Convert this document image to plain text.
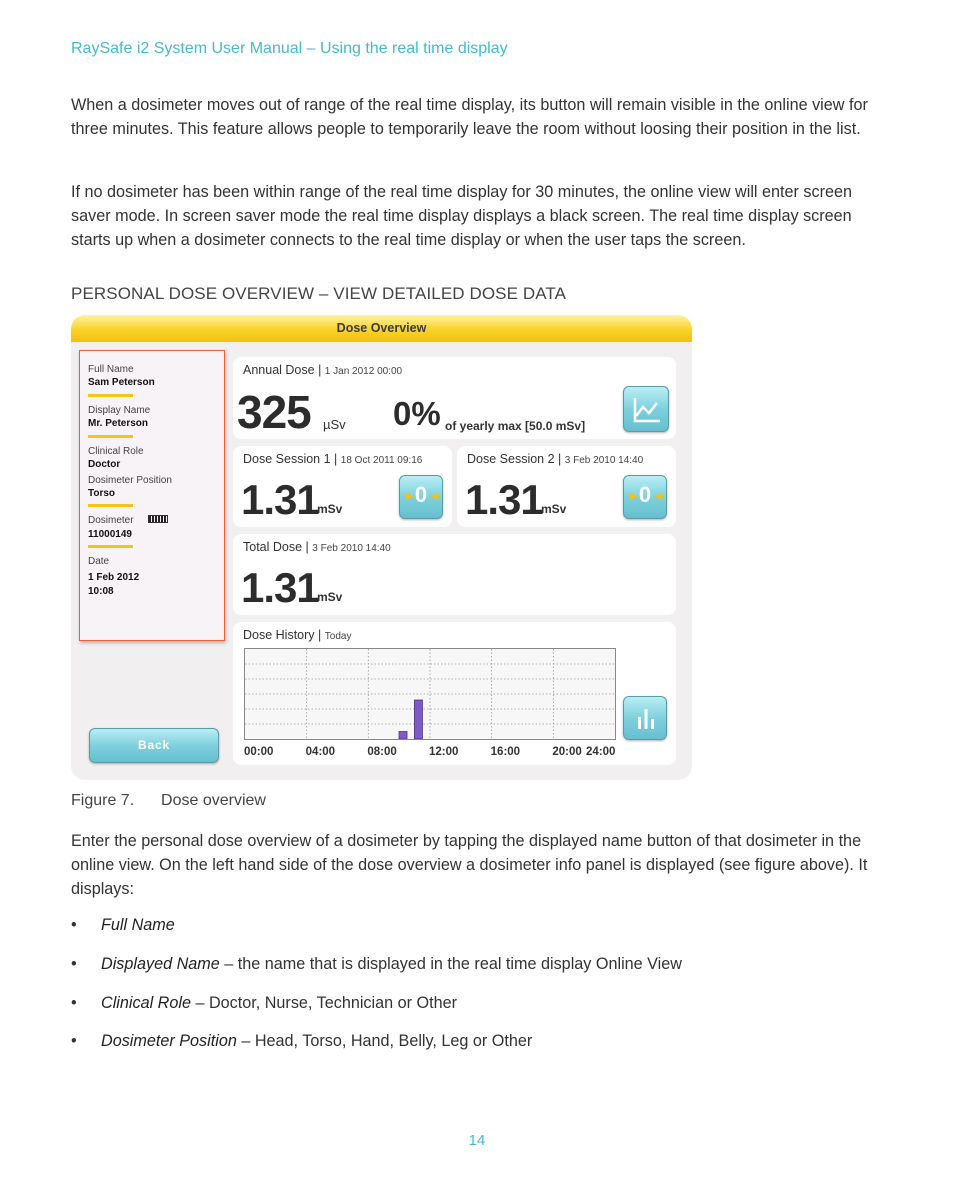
RaySafe i2 System User Manual – Using the real time display

When a dosimeter moves out of range of the real time display, its button will remain visible in the online view for three minutes. This feature allows people to temporarily leave the room without loosing their position in the list.

If no dosimeter has been within range of the real time display for 30 minutes, the online view will enter screen saver mode. In screen saver mode the real time display displays a black screen. The real time display screen starts up when a dosimeter connects to the real time display or when the user taps the screen.

PERSONAL DOSE OVERVIEW – VIEW DETAILED DOSE DATA
Dose Overview
Full Name
Sam Peterson
Display Name
Mr. Peterson
Clinical Role
Doctor
Dosimeter Position
Torso
Dosimeter
11000149
Date
1 Feb 2012
10:08
Back
Annual Dose | 1 Jan 2012 00:00
325 µSv 0% of yearly max [50.0 mSv]
Dose Session 1 | 18 Oct 2011 09:16
1.31
mSv
▶ 0 ◀
Dose Session 2 | 3 Feb 2010 14:40
1.31
mSv
▶ 0 ◀
Total Dose | 3 Feb 2010 14:40
1.31
mSv
Dose History | Today
00:00	04:00	08:00	12:00	16:00	20:00 24:00
Figure 7. Dose overview

Enter the personal dose overview of a dosimeter by tapping the displayed name button of that dosimeter in the online view. On the left hand side of the dose overview a dosimeter info panel is displayed (see figure above). It displays:

• Full Name
• Displayed Name – the name that is displayed in the real time display Online View
• Clinical Role – Doctor, Nurse, Technician or Other
• Dosimeter Position – Head, Torso, Hand, Belly, Leg or Other
14
